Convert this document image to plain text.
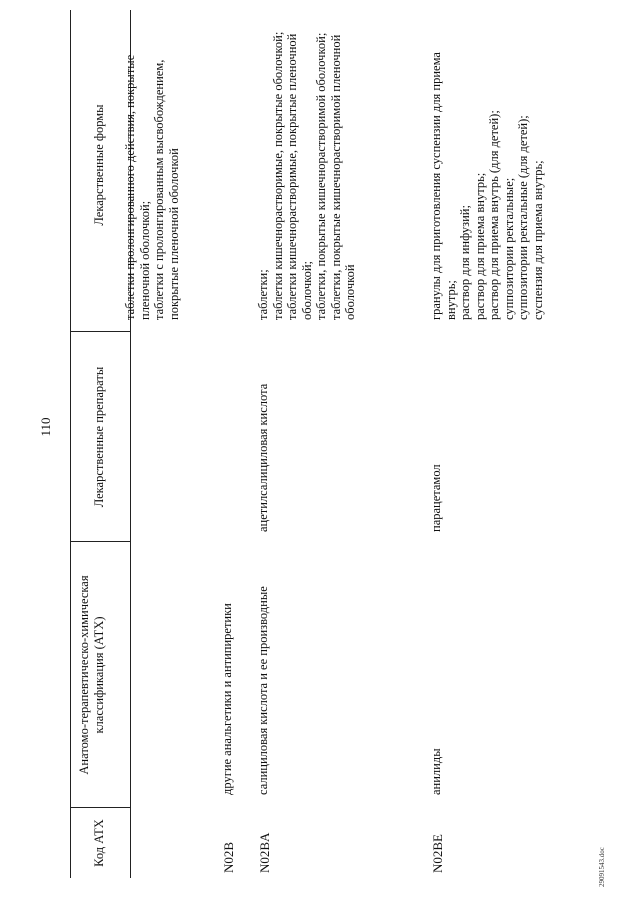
110
Код АТХ
Анатомо-терапевтическо-химическая классификация (АТХ)
Лекарственные препараты
Лекарственные формы
таблетки пролонгированного действия, покрытые пленочной оболочкой;
таблетки с пролонгированным высвобождением, покрытые пленочной оболочкой
N02B
другие анальгетики и антипиретики
N02BA
салициловая кислота и ее производные
ацетилсалициловая кислота
таблетки;
таблетки кишечнорастворимые, покрытые оболочкой;
таблетки кишечнорастворимые, покрытые пленочной оболочкой;
таблетки, покрытые кишечнорастворимой оболочкой;
таблетки, покрытые кишечнорастворимой пленочной оболочкой
N02BE
анилиды
парацетамол
гранулы для приготовления суспензии для приема внутрь;
раствор для инфузий;
раствор для приема внутрь;
раствор для приема внутрь (для детей);
суппозитории ректальные;
суппозитории ректальные (для детей);
суспензия для приема внутрь;
29091543.doc
